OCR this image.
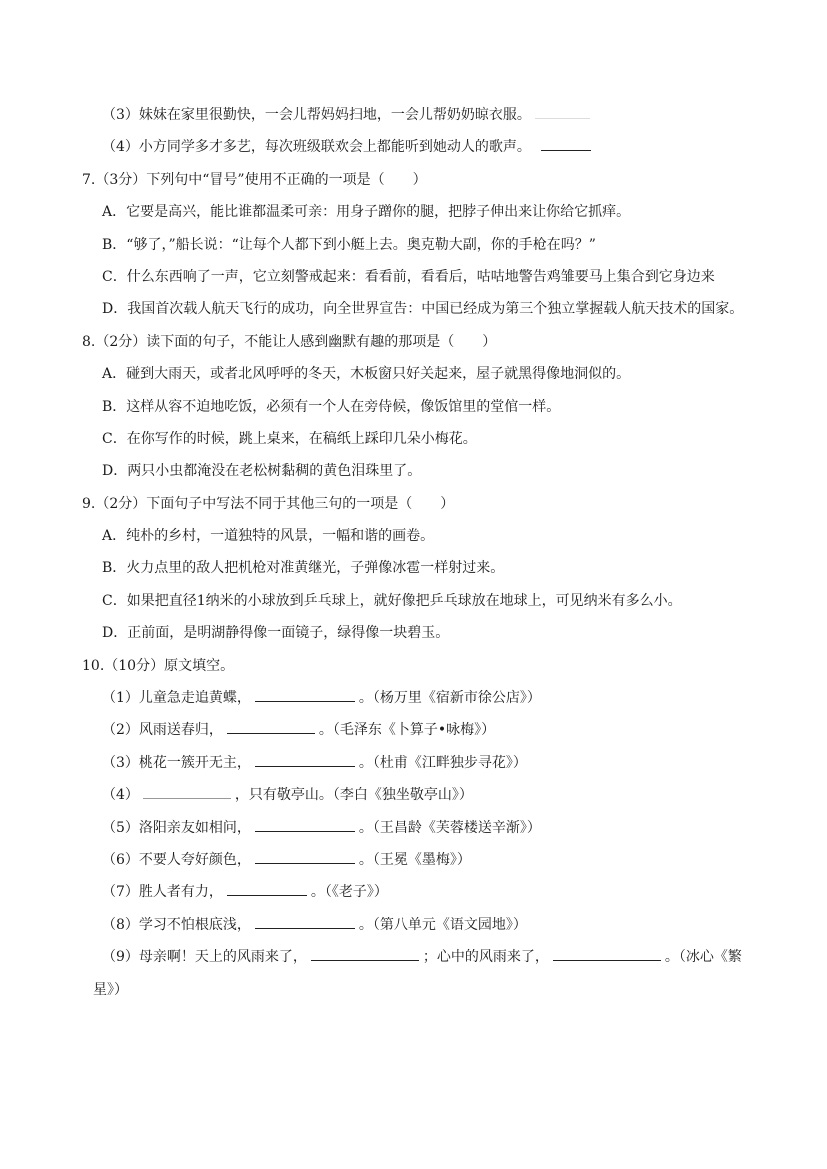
（3）妹妹在家里很勤快，一会儿帮妈妈扫地，一会儿帮奶奶晾衣服。
（4）小方同学多才多艺，每次班级联欢会上都能听到她动人的歌声。
7.（3分）下列句中“冒号”使用不正确的一项是（　　）
A．它要是高兴，能比谁都温柔可亲：用身子蹭你的腿，把脖子伸出来让你给它抓痒。
B．“够了，”船长说：“让每个人都下到小艇上去。奥克勒大副，你的手枪在吗？”
C．什么东西响了一声，它立刻警戒起来：看看前，看看后，咕咕地警告鸡雏要马上集合到它身边来
D．我国首次载人航天飞行的成功，向全世界宣告：中国已经成为第三个独立掌握载人航天技术的国家。
8.（2分）读下面的句子，不能让人感到幽默有趣的那项是（　　）
A．碰到大雨天，或者北风呼呼的冬天，木板窗只好关起来，屋子就黑得像地洞似的。
B．这样从容不迫地吃饭，必须有一个人在旁侍候，像饭馆里的堂倌一样。
C．在你写作的时候，跳上桌来，在稿纸上踩印几朵小梅花。
D．两只小虫都淹没在老松树黏稠的黄色泪珠里了。
9.（2分）下面句子中写法不同于其他三句的一项是（　　）
A．纯朴的乡村，一道独特的风景，一幅和谐的画卷。
B．火力点里的敌人把机枪对准黄继光，子弹像冰雹一样射过来。
C．如果把直径1纳米的小球放到乒乓球上，就好像把乒乓球放在地球上，可见纳米有多么小。
D．正前面，是明湖静得像一面镜子，绿得像一块碧玉。
10.（10分）原文填空。
（1）儿童急走追黄蝶，	。（杨万里《宿新市徐公店》）
（2）风雨送春归，	。（毛泽东《卜算子•咏梅》）
（3）桃花一簇开无主，	。（杜甫《江畔独步寻花》）
（4）	，只有敬亭山。（李白《独坐敬亭山》）
（5）洛阳亲友如相问，	。（王昌龄《芙蓉楼送辛渐》）
（6）不要人夸好颜色，	。（王冕《墨梅》）
（7）胜人者有力，	。（《老子》）
（8）学习不怕根底浅，	。（第八单元《语文园地》）
（9）母亲啊！天上的风雨来了，	；心中的风雨来了，	。（冰心《繁
星》）
